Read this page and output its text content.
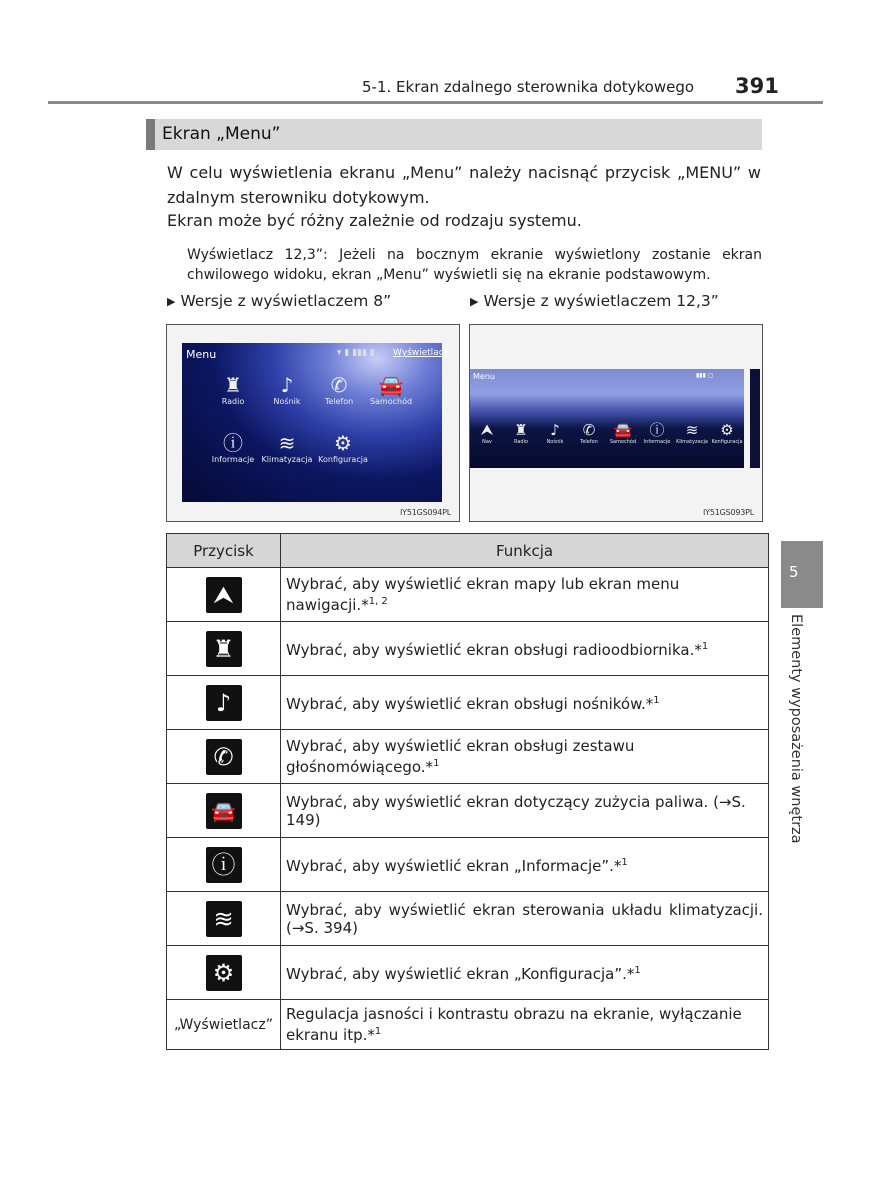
5-1. Ekran zdalnego sterownika dotykowego 391
Ekran „Menu”
W celu wyświetlenia ekranu „Menu” należy nacisnąć przycisk „MENU” w zdalnym sterowniku dotykowym.
Ekran może być różny zależnie od rodzaju systemu.
Wyświetlacz 12,3”: Jeżeli na bocznym ekranie wyświetlony zostanie ekran chwilowego widoku, ekran „Menu” wyświetli się na ekranie podstawowym.
▶ Wersje z wyświetlaczem 8”	▶ Wersje z wyświetlaczem 12,3”
Menu	▾ ▮ ▮▮▮ ▮ Wyświetlacz
♜
Radio
♪
Nośnik
✆
Telefon
🚘
Samochód
ⓘ
Informacje
≋
Klimatyzacja
⚙
Konfiguracja
IY51GS094PL
Menu	▮▮▮ ▢
⮝
Nav
♜
Radio
♪
Nośnik
✆
Telefon
🚘
Samochód
ⓘ
Informacje
≋
Klimatyzacja
⚙
Konfiguracja
IY51GS093PL
Przycisk	Funkcja
⮝	Wybrać, aby wyświetlić ekran mapy lub ekran menu nawigacji.*$^{1, 2}$
♜	Wybrać, aby wyświetlić ekran obsługi radioodbiornika.*$^1$
♪	Wybrać, aby wyświetlić ekran obsługi nośników.*$^1$
✆	Wybrać, aby wyświetlić ekran obsługi zestawu głośnomówiącego.*$^1$
🚘	Wybrać, aby wyświetlić ekran dotyczący zużycia paliwa. (→S. 149)
ⓘ	Wybrać, aby wyświetlić ekran „Informacje”.*$^1$
≋	Wybrać, aby wyświetlić ekran sterowania układu klimatyzacji. (→S. 394)
⚙	Wybrać, aby wyświetlić ekran „Konfiguracja”.*$^1$
„Wyświetlacz”	Regulacja jasności i kontrastu obrazu na ekranie, wyłączanie ekranu itp.*$^1$
5
Elementy wyposażenia wnętrza
